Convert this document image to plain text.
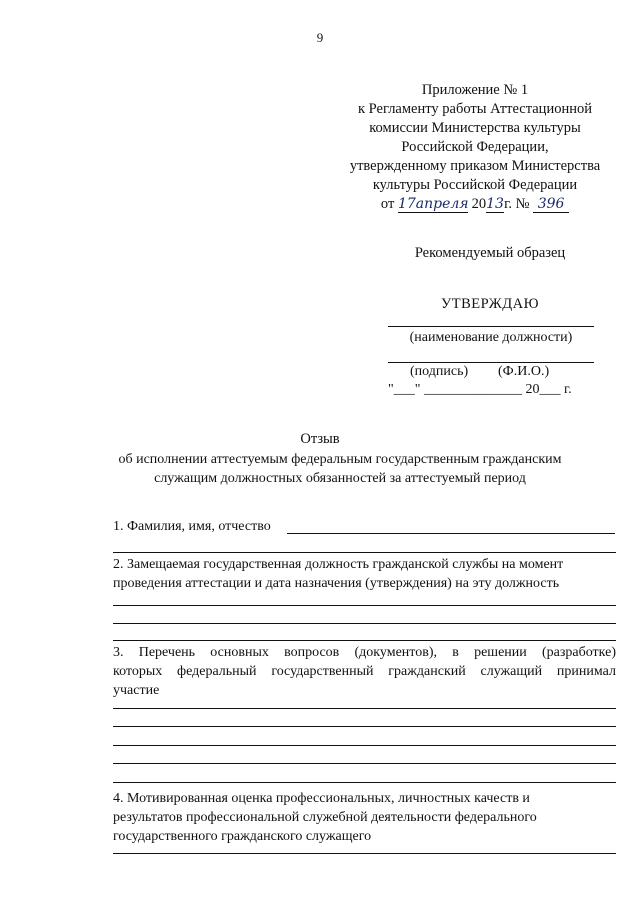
9
Приложение № 1
к Регламенту работы Аттестационной
комиссии Министерства культуры
Российской Федерации,
утвержденному приказом Министерства
культуры Российской Федерации
от 17апреля 2013г. № 396
Рекомендуемый образец
УТВЕРЖДАЮ
(наименование должности)
(подпись)	(Ф.И.О.)
"___" ______________ 20___ г.
Отзыв
об исполнении аттестуемым федеральным государственным гражданским
служащим должностных обязанностей за аттестуемый период
1. Фамилия, имя, отчество
2. Замещаемая государственная должность гражданской службы на момент
проведения аттестации и дата назначения (утверждения) на эту должность
3. Перечень основных вопросов (документов), в решении (разработке)
которых федеральный государственный гражданский служащий принимал
участие
4. Мотивированная оценка профессиональных, личностных качеств и
результатов профессиональной служебной деятельности федерального
государственного гражданского служащего
